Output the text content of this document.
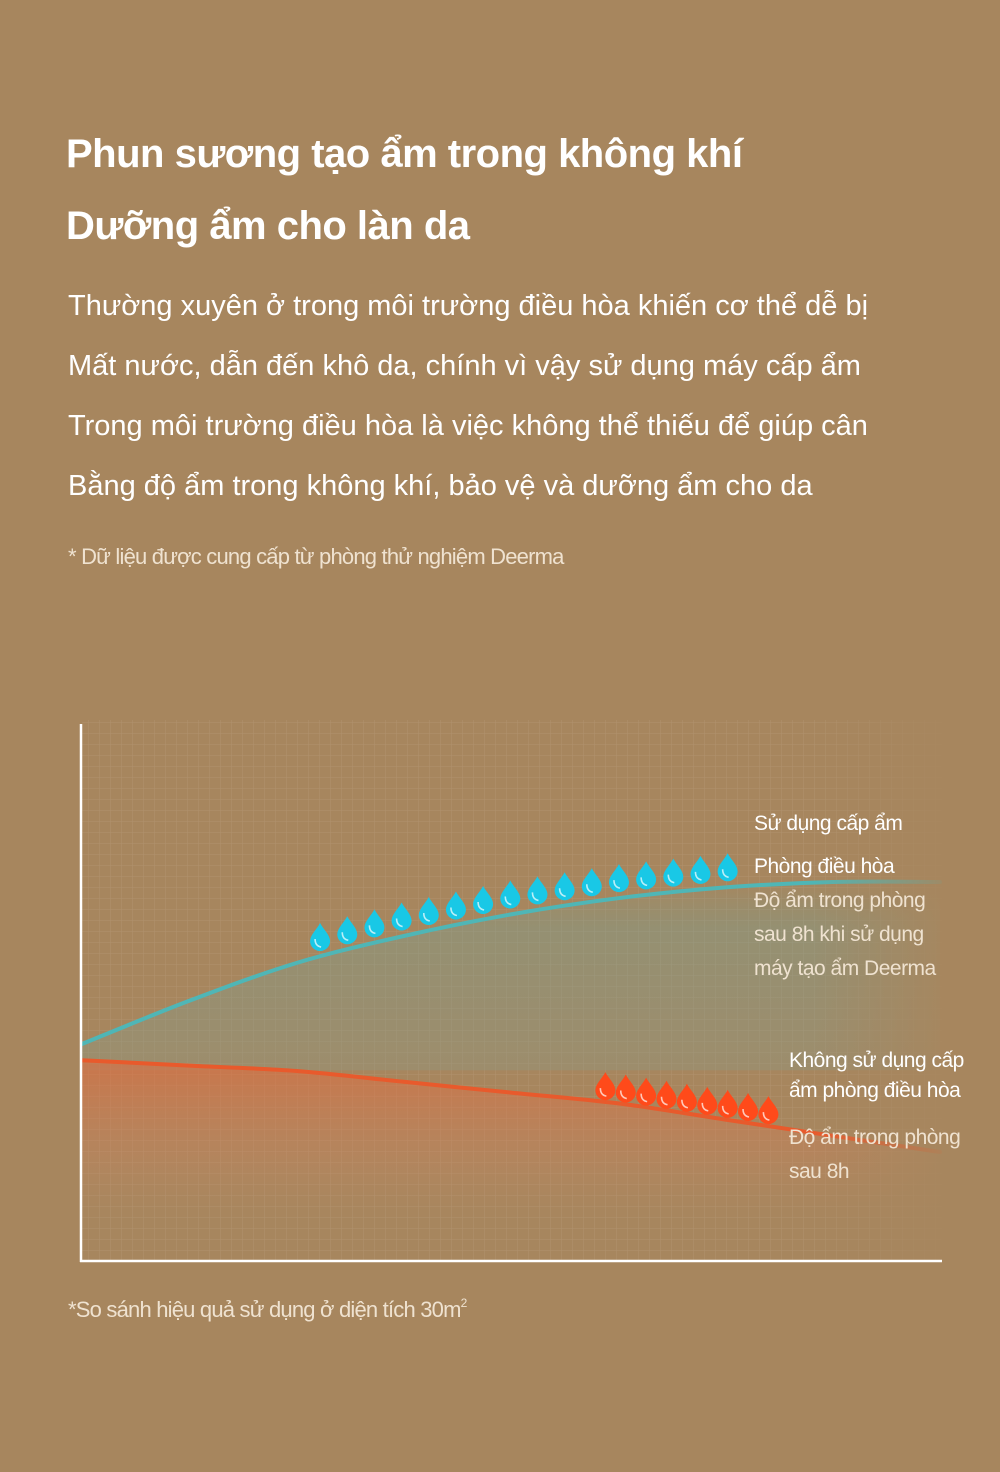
Phun sương tạo ẩm trong không khí
Dưỡng ẩm cho làn da

Thường xuyên ở trong môi trường điều hòa khiến cơ thể dễ bị
Mất nước, dẫn đến khô da, chính vì vậy sử dụng máy cấp ẩm
Trong môi trường điều hòa là việc không thể thiếu để giúp cân
Bằng độ ẩm trong không khí, bảo vệ và dưỡng ẩm cho da

* Dữ liệu được cung cấp từ phòng thử nghiệm Deerma
Sử dụng cấp ẩm
Phòng điều hòa
Độ ẩm trong phòng
sau 8h khi sử dụng
máy tạo ẩm Deerma
Không sử dụng cấp
ẩm phòng điều hòa
Độ ẩm trong phòng
sau 8h
*So sánh hiệu quả sử dụng ở diện tích $30m^2$
